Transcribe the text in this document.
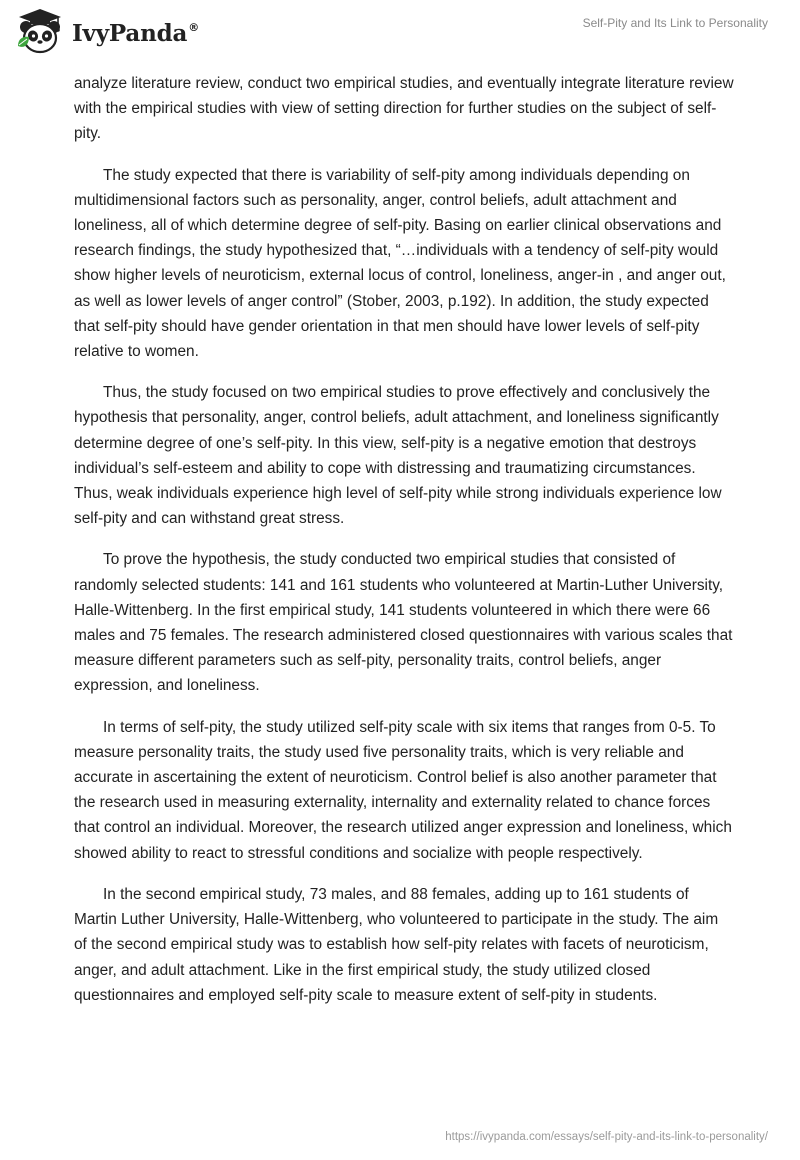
IvyPanda®	Self-Pity and Its Link to Personality

analyze literature review, conduct two empirical studies, and eventually integrate literature review with the empirical studies with view of setting direction for further studies on the subject of self-pity.

The study expected that there is variability of self-pity among individuals depending on multidimensional factors such as personality, anger, control beliefs, adult attachment and loneliness, all of which determine degree of self-pity. Basing on earlier clinical observations and research findings, the study hypothesized that, “…individuals with a tendency of self-pity would show higher levels of neuroticism, external locus of control, loneliness, anger-in , and anger out, as well as lower levels of anger control” (Stober, 2003, p.192). In addition, the study expected that self-pity should have gender orientation in that men should have lower levels of self-pity relative to women.

Thus, the study focused on two empirical studies to prove effectively and conclusively the hypothesis that personality, anger, control beliefs, adult attachment, and loneliness significantly determine degree of one’s self-pity. In this view, self-pity is a negative emotion that destroys individual’s self-esteem and ability to cope with distressing and traumatizing circumstances. Thus, weak individuals experience high level of self-pity while strong individuals experience low self-pity and can withstand great stress.

To prove the hypothesis, the study conducted two empirical studies that consisted of randomly selected students: 141 and 161 students who volunteered at Martin-Luther University, Halle-Wittenberg. In the first empirical study, 141 students volunteered in which there were 66 males and 75 females. The research administered closed questionnaires with various scales that measure different parameters such as self-pity, personality traits, control beliefs, anger expression, and loneliness.

In terms of self-pity, the study utilized self-pity scale with six items that ranges from 0-5. To measure personality traits, the study used five personality traits, which is very reliable and accurate in ascertaining the extent of neuroticism. Control belief is also another parameter that the research used in measuring externality, internality and externality related to chance forces that control an individual. Moreover, the research utilized anger expression and loneliness, which showed ability to react to stressful conditions and socialize with people respectively.

In the second empirical study, 73 males, and 88 females, adding up to 161 students of Martin Luther University, Halle-Wittenberg, who volunteered to participate in the study. The aim of the second empirical study was to establish how self-pity relates with facets of neuroticism, anger, and adult attachment. Like in the first empirical study, the study utilized closed questionnaires and employed self-pity scale to measure extent of self-pity in students.

https://ivypanda.com/essays/self-pity-and-its-link-to-personality/
